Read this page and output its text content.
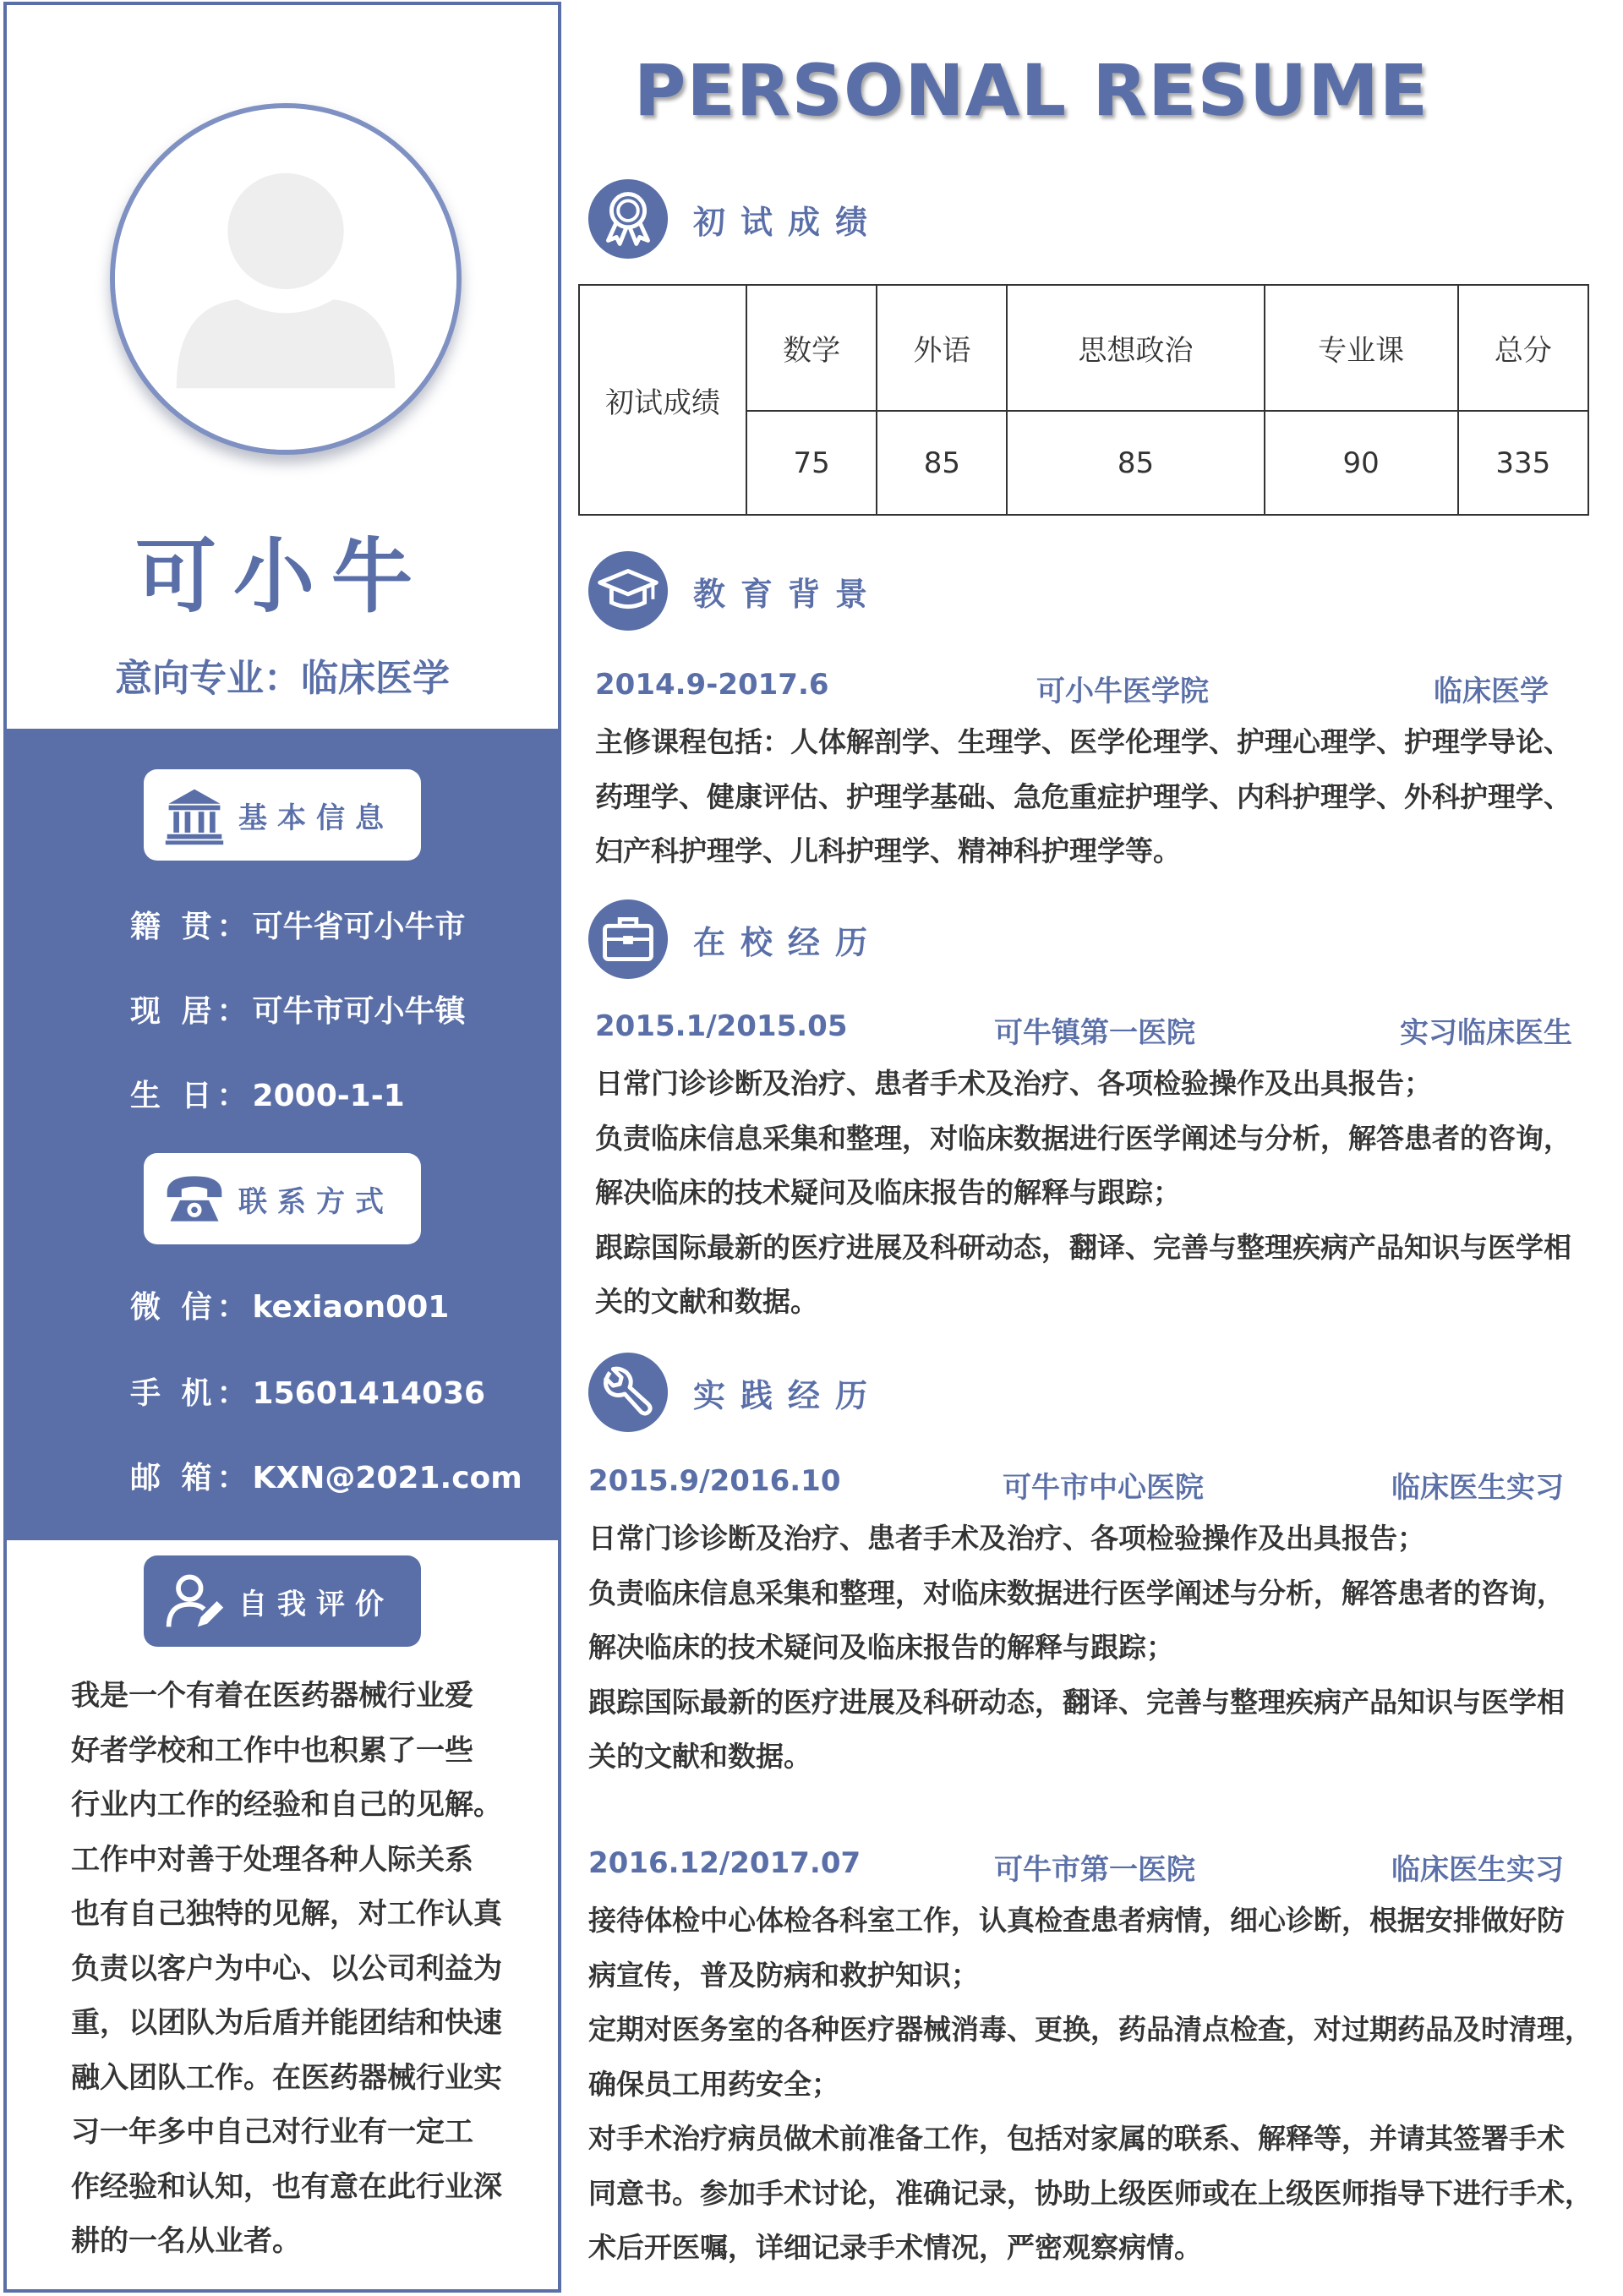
可小牛
意向专业：临床医学
基本信息
籍 贯：可牛省可小牛市
现 居：可牛市可小牛镇
生 日：2000-1-1
联系方式
微 信：kexiaon001
手 机：15601414036
邮 箱：KXN@2021.com
自我评价

我是一个有着在医药器械行业爱

好者学校和工作中也积累了一些

行业内工作的经验和自己的见解。

工作中对善于处理各种人际关系

也有自己独特的见解，对工作认真

负责以客户为中心、以公司利益为

重，以团队为后盾并能团结和快速

融入团队工作。在医药器械行业实

习一年多中自己对行业有一定工

作经验和认知，也有意在此行业深

耕的一名从业者。

PERSONAL RESUME
初试成绩
初试成绩	数学	外语	思想政治	专业课	总分
	75	85	85	90	335
教育背景
2014.9-2017.6	可小牛医学院	临床医学

主修课程包括：人体解剖学、生理学、医学伦理学、护理心理学、护理学导论、

药理学、健康评估、护理学基础、急危重症护理学、内科护理学、外科护理学、

妇产科护理学、儿科护理学、精神科护理学等。

在校经历
2015.1/2015.05	可牛镇第一医院	实习临床医生

日常门诊诊断及治疗、患者手术及治疗、各项检验操作及出具报告；

负责临床信息采集和整理，对临床数据进行医学阐述与分析，解答患者的咨询，

解决临床的技术疑问及临床报告的解释与跟踪；

跟踪国际最新的医疗进展及科研动态，翻译、完善与整理疾病产品知识与医学相

关的文献和数据。

实践经历
2015.9/2016.10	可牛市中心医院	临床医生实习

日常门诊诊断及治疗、患者手术及治疗、各项检验操作及出具报告；

负责临床信息采集和整理，对临床数据进行医学阐述与分析，解答患者的咨询，

解决临床的技术疑问及临床报告的解释与跟踪；

跟踪国际最新的医疗进展及科研动态，翻译、完善与整理疾病产品知识与医学相

关的文献和数据。

2016.12/2017.07	可牛市第一医院	临床医生实习

接待体检中心体检各科室工作，认真检查患者病情，细心诊断，根据安排做好防

病宣传，普及防病和救护知识；

定期对医务室的各种医疗器械消毒、更换，药品清点检查，对过期药品及时清理，

确保员工用药安全；

对手术治疗病员做术前准备工作，包括对家属的联系、解释等，并请其签署手术

同意书。参加手术讨论，准确记录，协助上级医师或在上级医师指导下进行手术，

术后开医嘱，详细记录手术情况，严密观察病情。
